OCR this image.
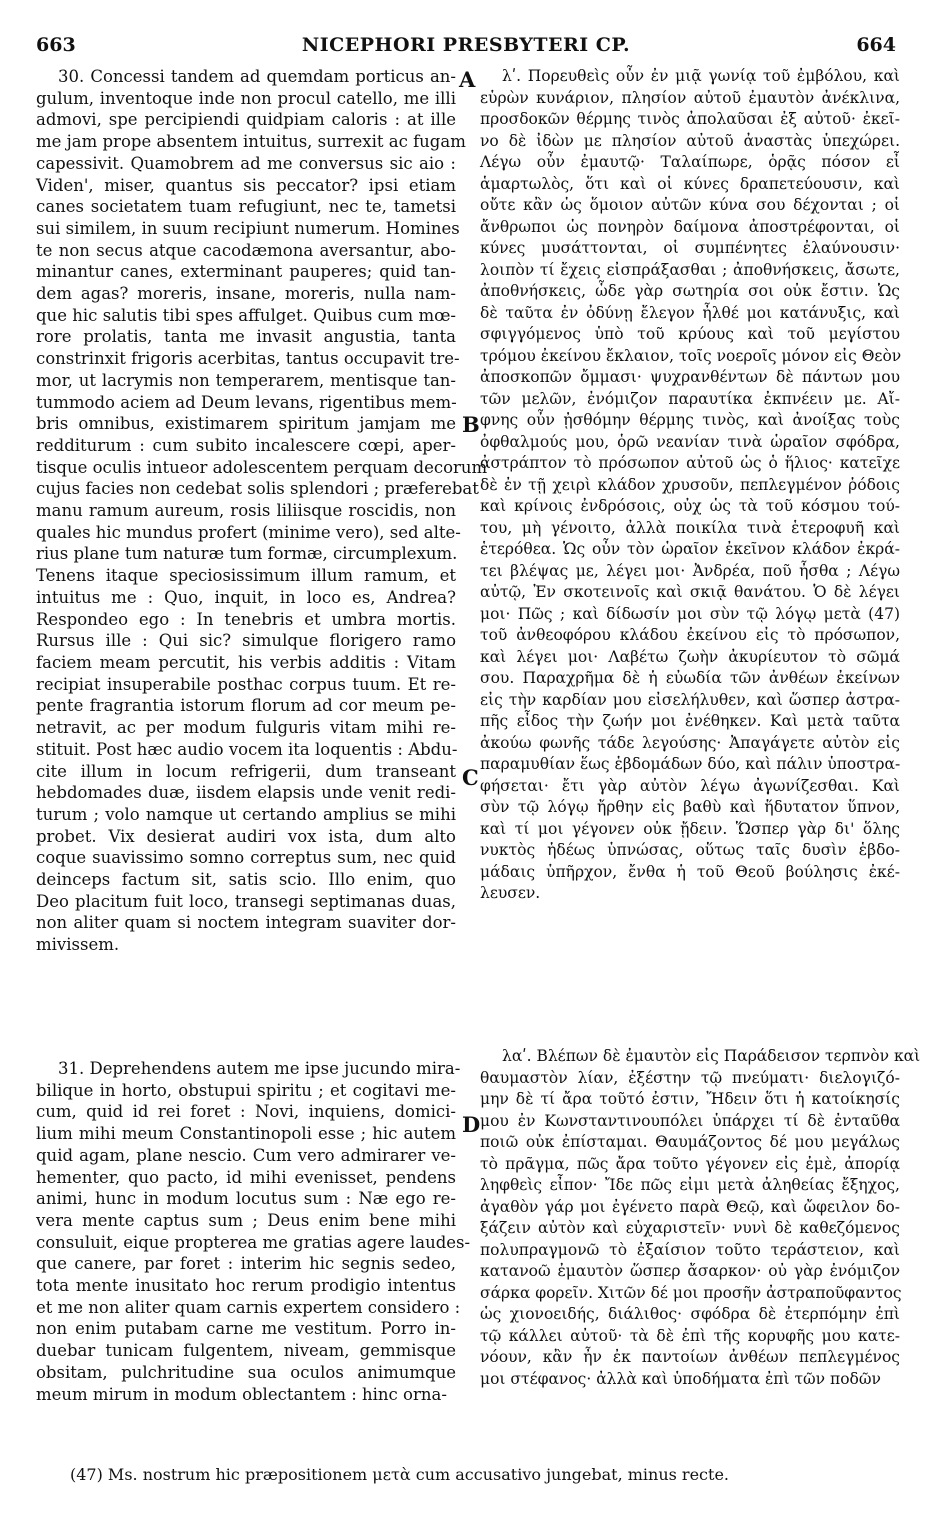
663	NICEPHORI PRESBYTERI CP.	664
30. Concessi tandem ad quemdam porticus an-
gulum, inventoque inde non procul catello, me illi
admovi, spe percipiendi quidpiam caloris : at ille
me jam prope absentem intuitus, surrexit ac fugam
capessivit. Quamobrem ad me conversus sic aio :
Viden', miser, quantus sis peccator? ipsi etiam
canes societatem tuam refugiunt, nec te, tametsi
sui similem, in suum recipiunt numerum. Homines
te non secus atque cacodæmona aversantur, abo-
minantur canes, exterminant pauperes; quid tan-
dem agas? moreris, insane, moreris, nulla nam-
que hic salutis tibi spes affulget. Quibus cum mœ-
rore prolatis, tanta me invasit angustia, tanta
constrinxit frigoris acerbitas, tantus occupavit tre-
mor, ut lacrymis non temperarem, mentisque tan-
tummodo aciem ad Deum levans, rigentibus mem-
bris omnibus, existimarem spiritum jamjam me
redditurum : cum subito incalescere cœpi, aper-
tisque oculis intueor adolescentem perquam decorum
cujus facies non cedebat solis splendori ; præferebat
manu ramum aureum, rosis liliisque roscidis, non
quales hic mundus profert (minime vero), sed alte-
rius plane tum naturæ tum formæ, circumplexum.
Tenens itaque speciosissimum illum ramum, et
intuitus me : Quo, inquit, in loco es, Andrea?
Respondeo ego : In tenebris et umbra mortis.
Rursus ille : Qui sic? simulque florigero ramo
faciem meam percutit, his verbis additis : Vitam
recipiat insuperabile posthac corpus tuum. Et re-
pente fragrantia istorum florum ad cor meum pe-
netravit, ac per modum fulguris vitam mihi re-
stituit. Post hæc audio vocem ita loquentis : Abdu-
cite illum in locum refrigerii, dum transeant
hebdomades duæ, iisdem elapsis unde venit redi-
turum ; volo namque ut certando amplius se mihi
probet. Vix desierat audiri vox ista, dum alto
coque suavissimo somno correptus sum, nec quid
deinceps factum sit, satis scio. Illo enim, quo
Deo placitum fuit loco, transegi septimanas duas,
non aliter quam si noctem integram suaviter dor-
mivissem.
31. Deprehendens autem me ipse jucundo mira-
bilique in horto, obstupui spiritu ; et cogitavi me-
cum, quid id rei foret : Novi, inquiens, domici-
lium mihi meum Constantinopoli esse ; hic autem
quid agam, plane nescio. Cum vero admirarer ve-
hementer, quo pacto, id mihi evenisset, pendens
animi, hunc in modum locutus sum : Næ ego re-
vera mente captus sum ; Deus enim bene mihi
consuluit, eique propterea me gratias agere laudes-
que canere, par foret : interim hic segnis sedeo,
tota mente inusitato hoc rerum prodigio intentus
et me non aliter quam carnis expertem considero :
non enim putabam carne me vestitum. Porro in-
duebar tunicam fulgentem, niveam, gemmisque
obsitam, pulchritudine sua oculos animumque
meum mirum in modum oblectantem : hinc orna-
λʹ. Πορευθεὶς οὖν ἐν μιᾷ γωνίᾳ τοῦ ἐμβόλου, καὶ
εὑρὼν κυνάριον, πλησίον αὐτοῦ ἐμαυτὸν ἀνέκλινα,
προσδοκῶν θέρμης τινὸς ἀπολαῦσαι ἐξ αὐτοῦ· ἐκεῖ-
νο δὲ ἰδὼν με πλησίον αὐτοῦ ἀναστὰς ὑπεχώρει.
Λέγω οὖν ἐμαυτῷ· Ταλαίπωρε, ὁρᾷς πόσον εἶ
ἁμαρτωλὸς, ὅτι καὶ οἱ κύνες δραπετεύουσιν, καὶ
οὔτε κἂν ὡς ὅμοιον αὐτῶν κύνα σου δέχονται ; οἱ
ἄνθρωποι ὡς πονηρὸν δαίμονα ἀποστρέφονται, οἱ
κύνες μυσάττονται, οἱ συμπένητες ἐλαύνουσιν·
λοιπὸν τί ἔχεις εἰσπράξασθαι ; ἀποθνήσκεις, ἄσωτε,
ἀποθνήσκεις, ὧδε γὰρ σωτηρία σοι οὐκ ἔστιν. Ὡς
δὲ ταῦτα ἐν ὀδύνῃ ἔλεγον ἦλθέ μοι κατάνυξις, καὶ
σφιγγόμενος ὑπὸ τοῦ κρύους καὶ τοῦ μεγίστου
τρόμου ἐκείνου ἔκλαιον, τοῖς νοεροῖς μόνον εἰς Θεὸν
ἀποσκοπῶν ὄμμασι· ψυχρανθέντων δὲ πάντων μου
τῶν μελῶν, ἐνόμιζον παραυτίκα ἐκπνέειν με. Αἴ-
φνης οὖν ᾐσθόμην θέρμης τινὸς, καὶ ἀνοίξας τοὺς
ὀφθαλμούς μου, ὁρῶ νεανίαν τινὰ ὡραῖον σφόδρα,
ἀστράπτον τὸ πρόσωπον αὐτοῦ ὡς ὁ ἥλιος· κατεῖχε
δὲ ἐν τῇ χειρὶ κλάδον χρυσοῦν, πεπλεγμένον ῥόδοις
καὶ κρίνοις ἐνδρόσοις, οὐχ ὡς τὰ τοῦ κόσμου τού-
του, μὴ γένοιτο, ἀλλὰ ποικίλα τινὰ ἑτεροφυῆ καὶ
ἑτερόθεα. Ὡς οὖν τὸν ὡραῖον ἐκεῖνον κλάδον ἐκρά-
τει βλέψας με, λέγει μοι· Ἀνδρέα, ποῦ ἦσθα ; Λέγω
αὐτῷ, Ἐν σκοτεινοῖς καὶ σκιᾷ θανάτου. Ὁ δὲ λέγει
μοι· Πῶς ; καὶ δίδωσίν μοι σὺν τῷ λόγῳ μετὰ (47)
τοῦ ἀνθεοφόρου κλάδου ἐκείνου εἰς τὸ πρόσωπον,
καὶ λέγει μοι· Λαβέτω ζωὴν ἀκυρίευτον τὸ σῶμά
σου. Παραχρῆμα δὲ ἡ εὐωδία τῶν ἀνθέων ἐκείνων
εἰς τὴν καρδίαν μου εἰσελήλυθεν, καὶ ὥσπερ ἀστρα-
πῆς εἶδος τὴν ζωήν μοι ἐνέθηκεν. Καὶ μετὰ ταῦτα
ἀκούω φωνῆς τάδε λεγούσης· Ἀπαγάγετε αὐτὸν εἰς
παραμυθίαν ἕως ἑβδομάδων δύο, καὶ πάλιν ὑποστρα-
φήσεται· ἔτι γὰρ αὐτὸν λέγω ἀγωνίζεσθαι. Καὶ
σὺν τῷ λόγῳ ἤρθην εἰς βαθὺ καὶ ἥδυτατον ὕπνον,
καὶ τί μοι γέγονεν οὐκ ᾔδειν. Ὥσπερ γὰρ δι' ὅλης
νυκτὸς ἡδέως ὑπνώσας, οὕτως ταῖς δυσὶν ἑβδο-
μάδαις ὑπῆρχον, ἔνθα ἡ τοῦ Θεοῦ βούλησις ἐκέ-
λευσεν.
λαʹ. Βλέπων δὲ ἐμαυτὸν εἰς Παράδεισον τερπνὸν καὶ
θαυμαστὸν λίαν, ἐξέστην τῷ πνεύματι· διελογιζό-
μην δὲ τί ἄρα τοῦτό ἐστιν, Ἤδειν ὅτι ἡ κατοίκησίς
μου ἐν Κωνσταντινουπόλει ὑπάρχει τί δὲ ἐνταῦθα
ποιῶ οὐκ ἐπίσταμαι. Θαυμάζοντος δέ μου μεγάλως
τὸ πρᾶγμα, πῶς ἄρα τοῦτο γέγονεν εἰς ἐμὲ, ἀπορίᾳ
ληφθεὶς εἶπον· Ἴδε πῶς εἰμι μετὰ ἀληθείας ἔξηχος,
ἀγαθὸν γάρ μοι ἐγένετο παρὰ Θεῷ, καὶ ὤφειλον δο-
ξάζειν αὐτὸν καὶ εὐχαριστεῖν· νυνὶ δὲ καθεζόμενος
πολυπραγμονῶ τὸ ἐξαίσιον τοῦτο τεράστειον, καὶ
κατανοῶ ἐμαυτὸν ὥσπερ ἄσαρκον· οὐ γὰρ ἐνόμιζον
σάρκα φορεῖν. Χιτῶν δέ μοι προσῆν ἀστραποῦφαντος
ὡς χιονοειδής, διάλιθος· σφόδρα δὲ ἐτερπόμην ἐπὶ
τῷ κάλλει αὐτοῦ· τὰ δὲ ἐπὶ τῆς κορυφῆς μου κατε-
νόουν, κἂν ἦν ἐκ παντοίων ἀνθέων πεπλεγμένος
μοι στέφανος· ἀλλὰ καὶ ὑποδήματα ἐπὶ τῶν ποδῶν
A
B
C
D
(47) Ms. nostrum hic præpositionem μετὰ cum accusativo jungebat, minus recte.
